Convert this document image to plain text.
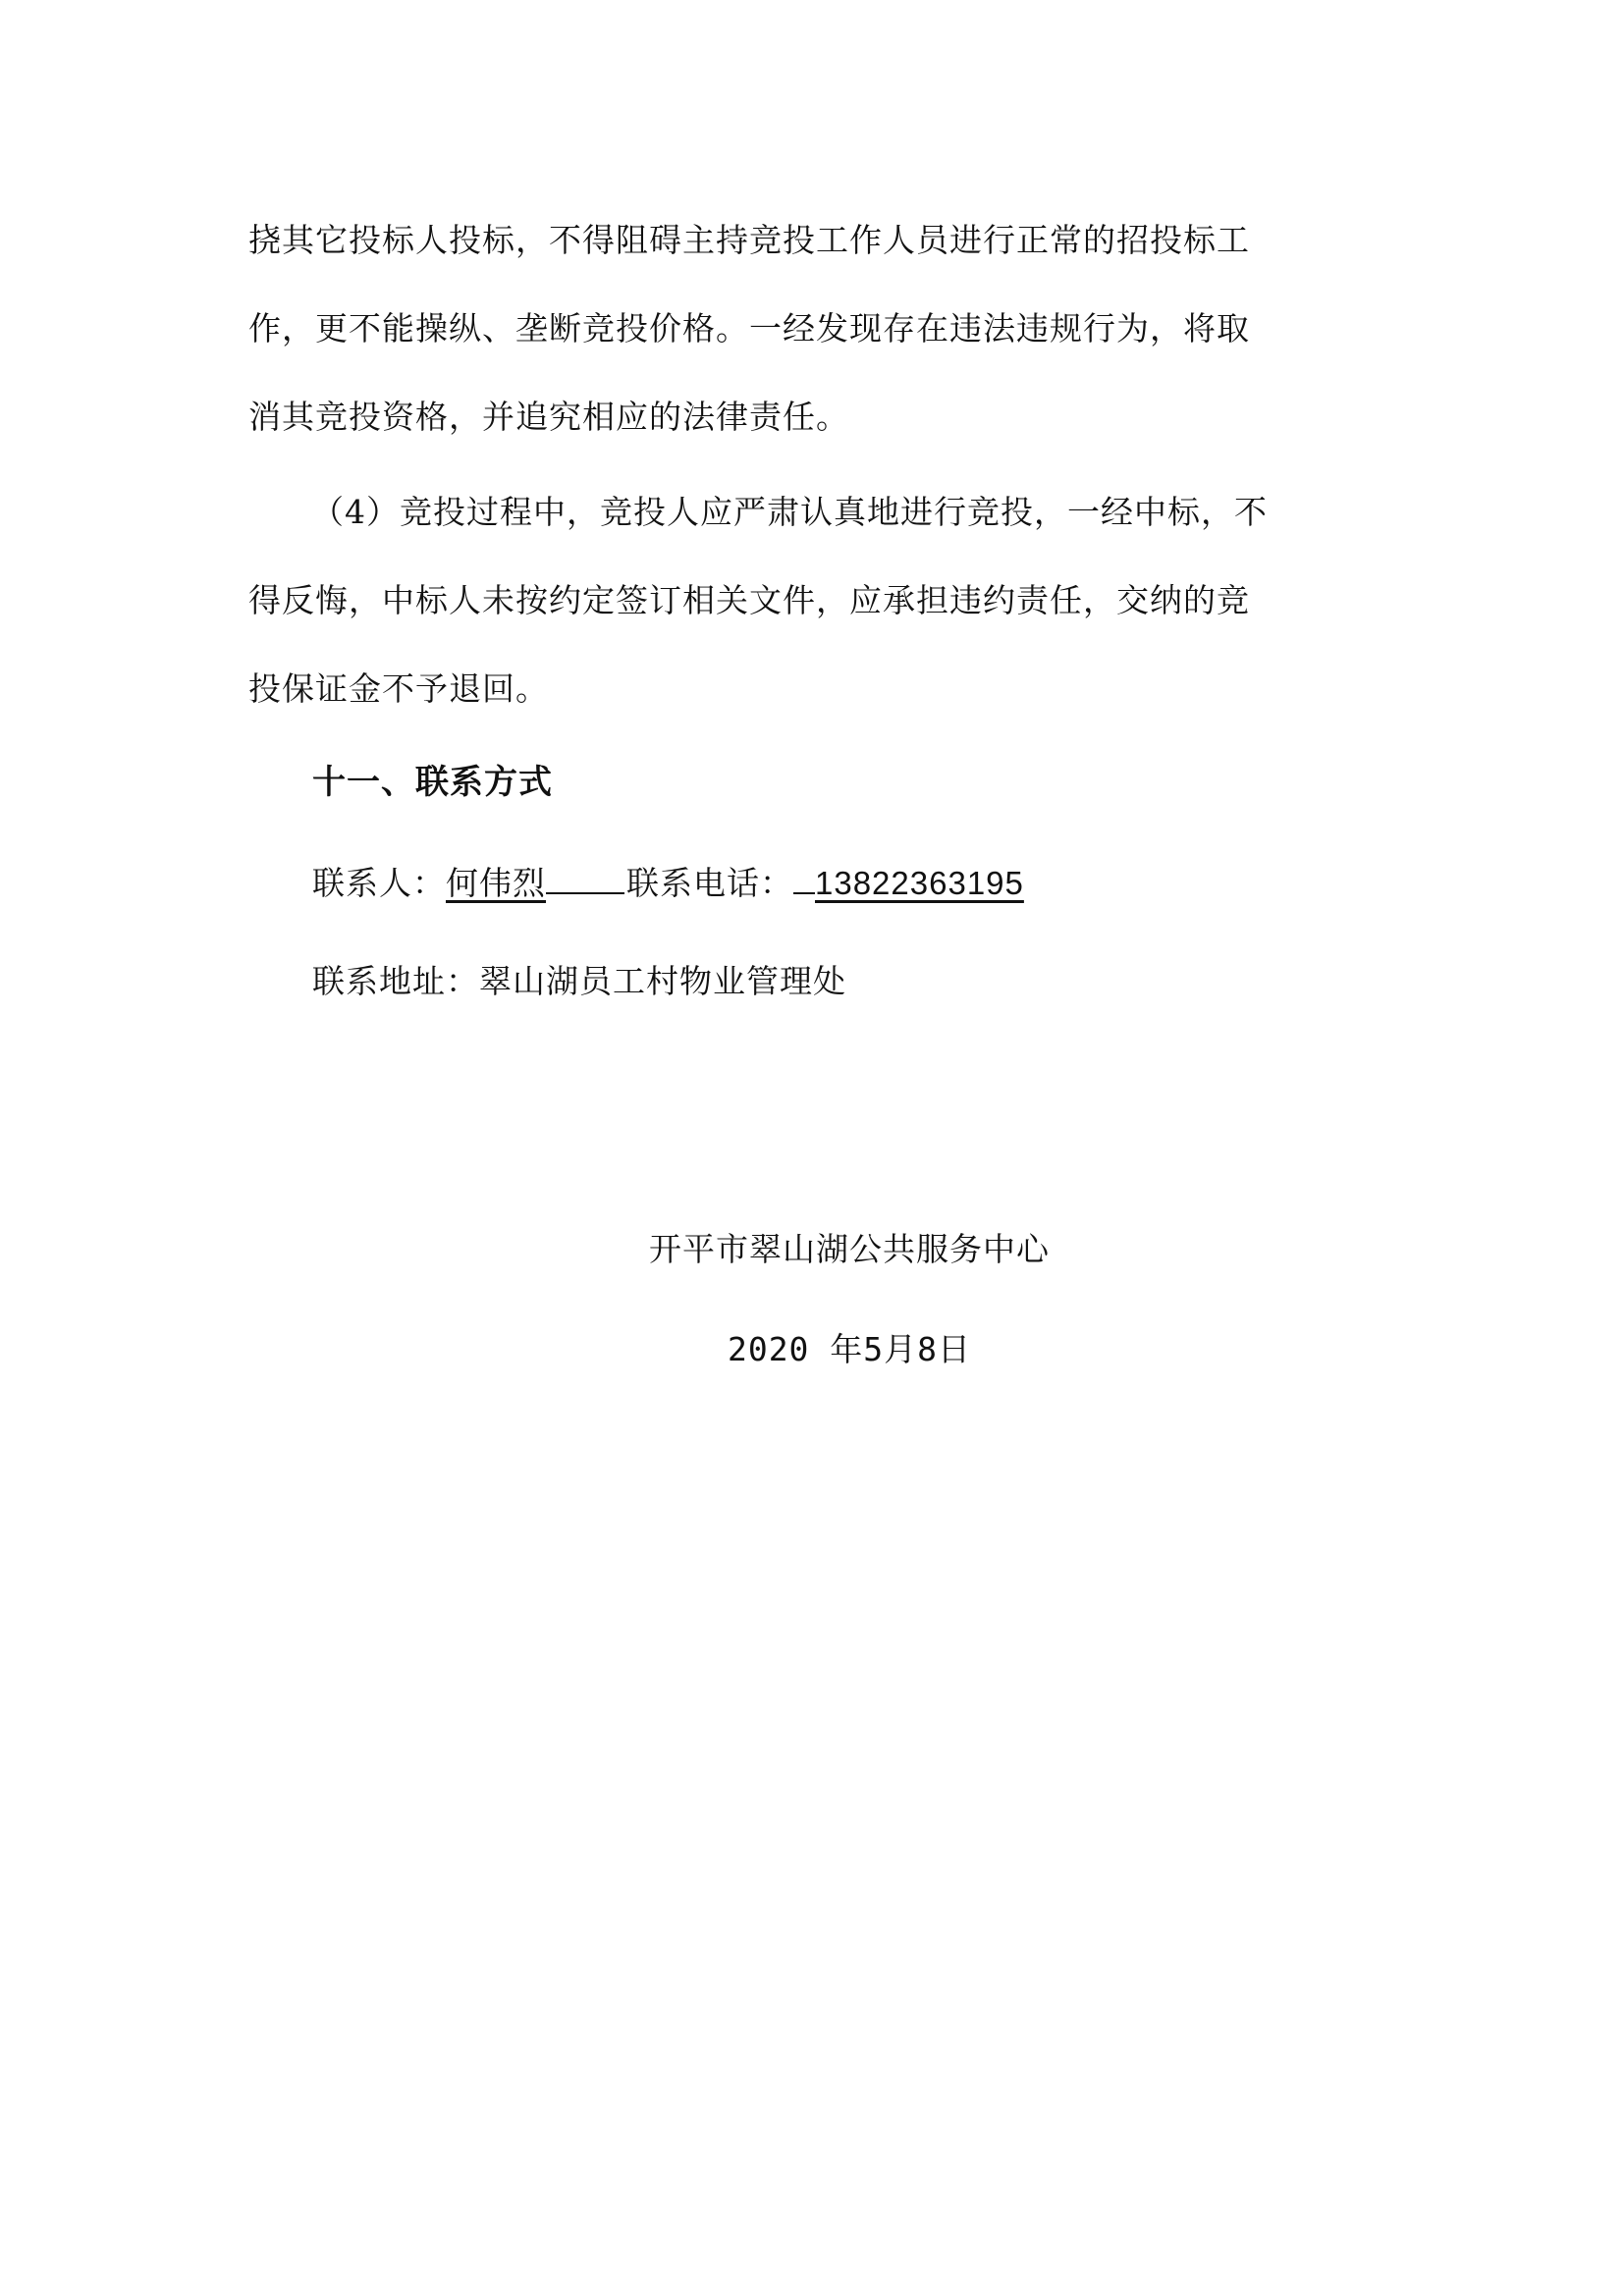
挠其它投标人投标，不得阻碍主持竞投工作人员进行正常的招投标工
作，更不能操纵、垄断竞投价格。一经发现存在违法违规行为，将取
消其竞投资格，并追究相应的法律责任。
（4）竞投过程中，竞投人应严肃认真地进行竞投，一经中标，不
得反悔，中标人未按约定签订相关文件，应承担违约责任，交纳的竞
投保证金不予退回。
十一、联系方式
联系人：何伟烈 联系电话： 13822363195
联系地址：翠山湖员工村物业管理处
开平市翠山湖公共服务中心
2020 年5月8日
